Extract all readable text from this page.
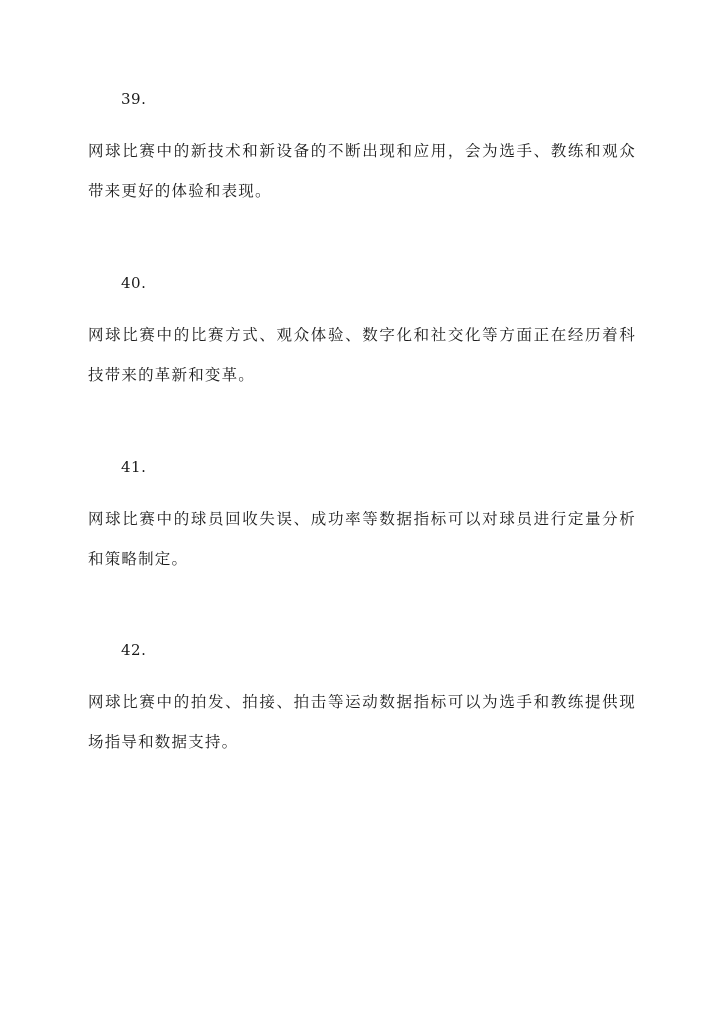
39.
网球比赛中的新技术和新设备的不断出现和应用，会为选手、教练和观众带来更好的体验和表现。
40.
网球比赛中的比赛方式、观众体验、数字化和社交化等方面正在经历着科技带来的革新和变革。
41.
网球比赛中的球员回收失误、成功率等数据指标可以对球员进行定量分析和策略制定。
42.
网球比赛中的拍发、拍接、拍击等运动数据指标可以为选手和教练提供现场指导和数据支持。
